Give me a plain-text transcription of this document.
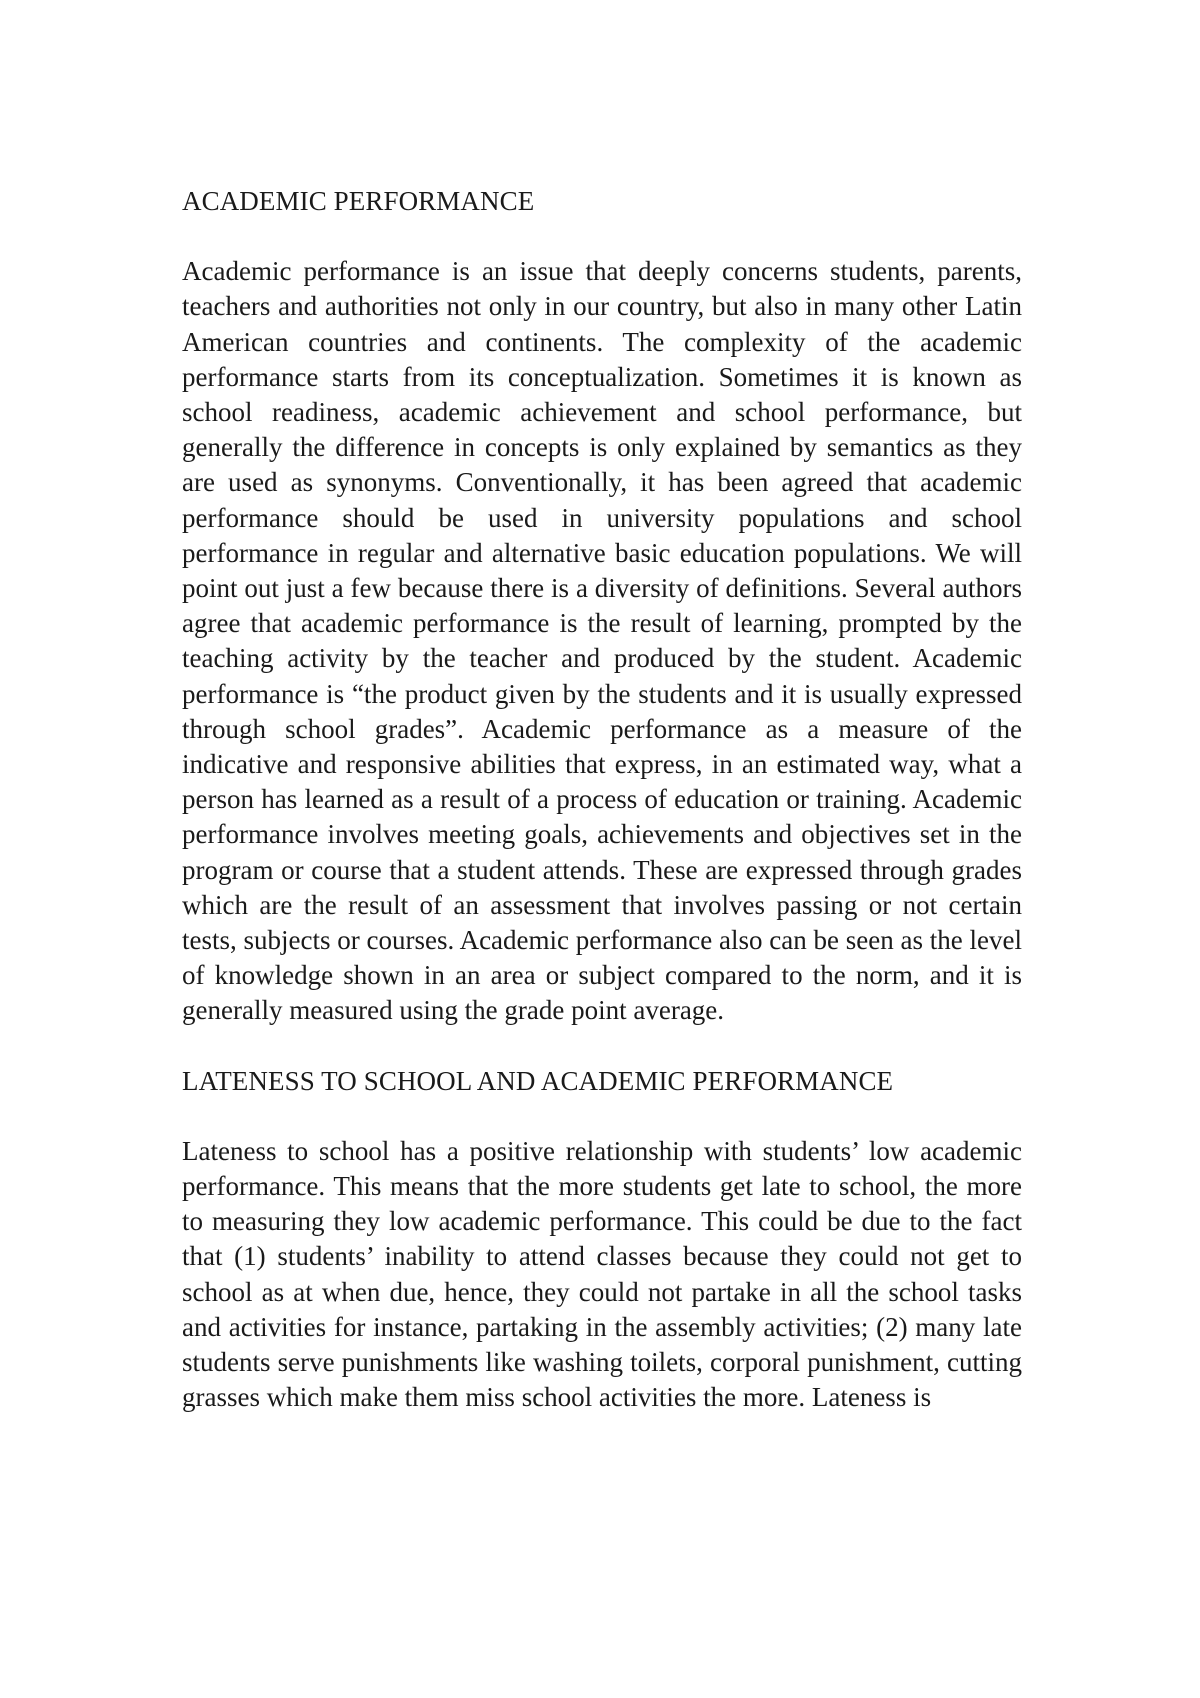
ACADEMIC PERFORMANCE

Academic performance is an issue that deeply concerns students, parents, teachers and authorities not only in our country, but also in many other Latin American countries and continents. The complexity of the academic performance starts from its conceptualization. Sometimes it is known as school readiness, academic achievement and school performance, but generally the difference in concepts is only explained by semantics as they are used as synonyms. Conventionally, it has been agreed that academic performance should be used in university populations and school performance in regular and alternative basic education populations. We will point out just a few because there is a diversity of definitions. Several authors agree that academic performance is the result of learning, prompted by the teaching activity by the teacher and produced by the student. Academic performance is “the product given by the students and it is usually expressed through school grades”. Academic performance as a measure of the indicative and responsive abilities that express, in an estimated way, what a person has learned as a result of a process of education or training. Academic performance involves meeting goals, achievements and objectives set in the program or course that a student attends. These are expressed through grades which are the result of an assessment that involves passing or not certain tests, subjects or courses. Academic performance also can be seen as the level of knowledge shown in an area or subject compared to the norm, and it is generally measured using the grade point average.

LATENESS TO SCHOOL AND ACADEMIC PERFORMANCE

Lateness to school has a positive relationship with students’ low academic performance. This means that the more students get late to school, the more to measuring they low academic performance. This could be due to the fact that (1) students’ inability to attend classes because they could not get to school as at when due, hence, they could not partake in all the school tasks and activities for instance, partaking in the assembly activities; (2) many late students serve punishments like washing toilets, corporal punishment, cutting grasses which make them miss school activities the more. Lateness is
